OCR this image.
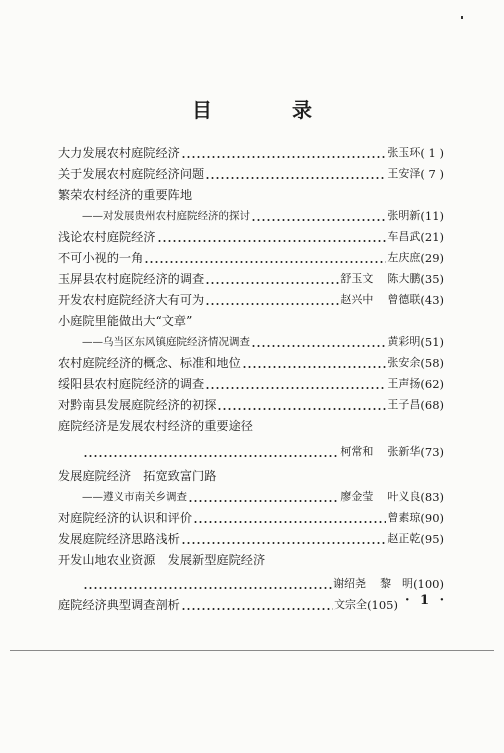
目　录
大力发展农村庭院经济	张玉环 ( 1 )
关于发展农村庭院经济问题	王安泽 ( 7 )
繁荣农村经济的重要阵地
——对发展贵州农村庭院经济的探讨	张明新 (11)
浅论农村庭院经济	车昌武 (21)
不可小视的一角	左庆庶 (29)
玉屏县农村庭院经济的调查	舒玉文 陈大鹏 (35)
开发农村庭院经济大有可为	赵兴中 曾德联 (43)
小庭院里能做出大“文章”
——乌当区东风镇庭院经济情况调查	黄彩明 (51)
农村庭院经济的概念、标准和地位	张安余 (58)
绥阳县农村庭院经济的调查	王声扬 (62)
对黔南县发展庭院经济的初探	王子昌 (68)
庭院经济是发展农村经济的重要途径
柯常和 张新华 (73)
发展庭院经济　拓宽致富门路
——遵义市南关乡调查	廖金莹 叶义良 (83)
对庭院经济的认识和评价	曾素琼 (90)
发展庭院经济思路浅析	赵正乾 (95)
开发山地农业资源　发展新型庭院经济
谢绍尧 黎　明 (100)
庭院经济典型调查剖析	文宗全 (105) · 1 ·
